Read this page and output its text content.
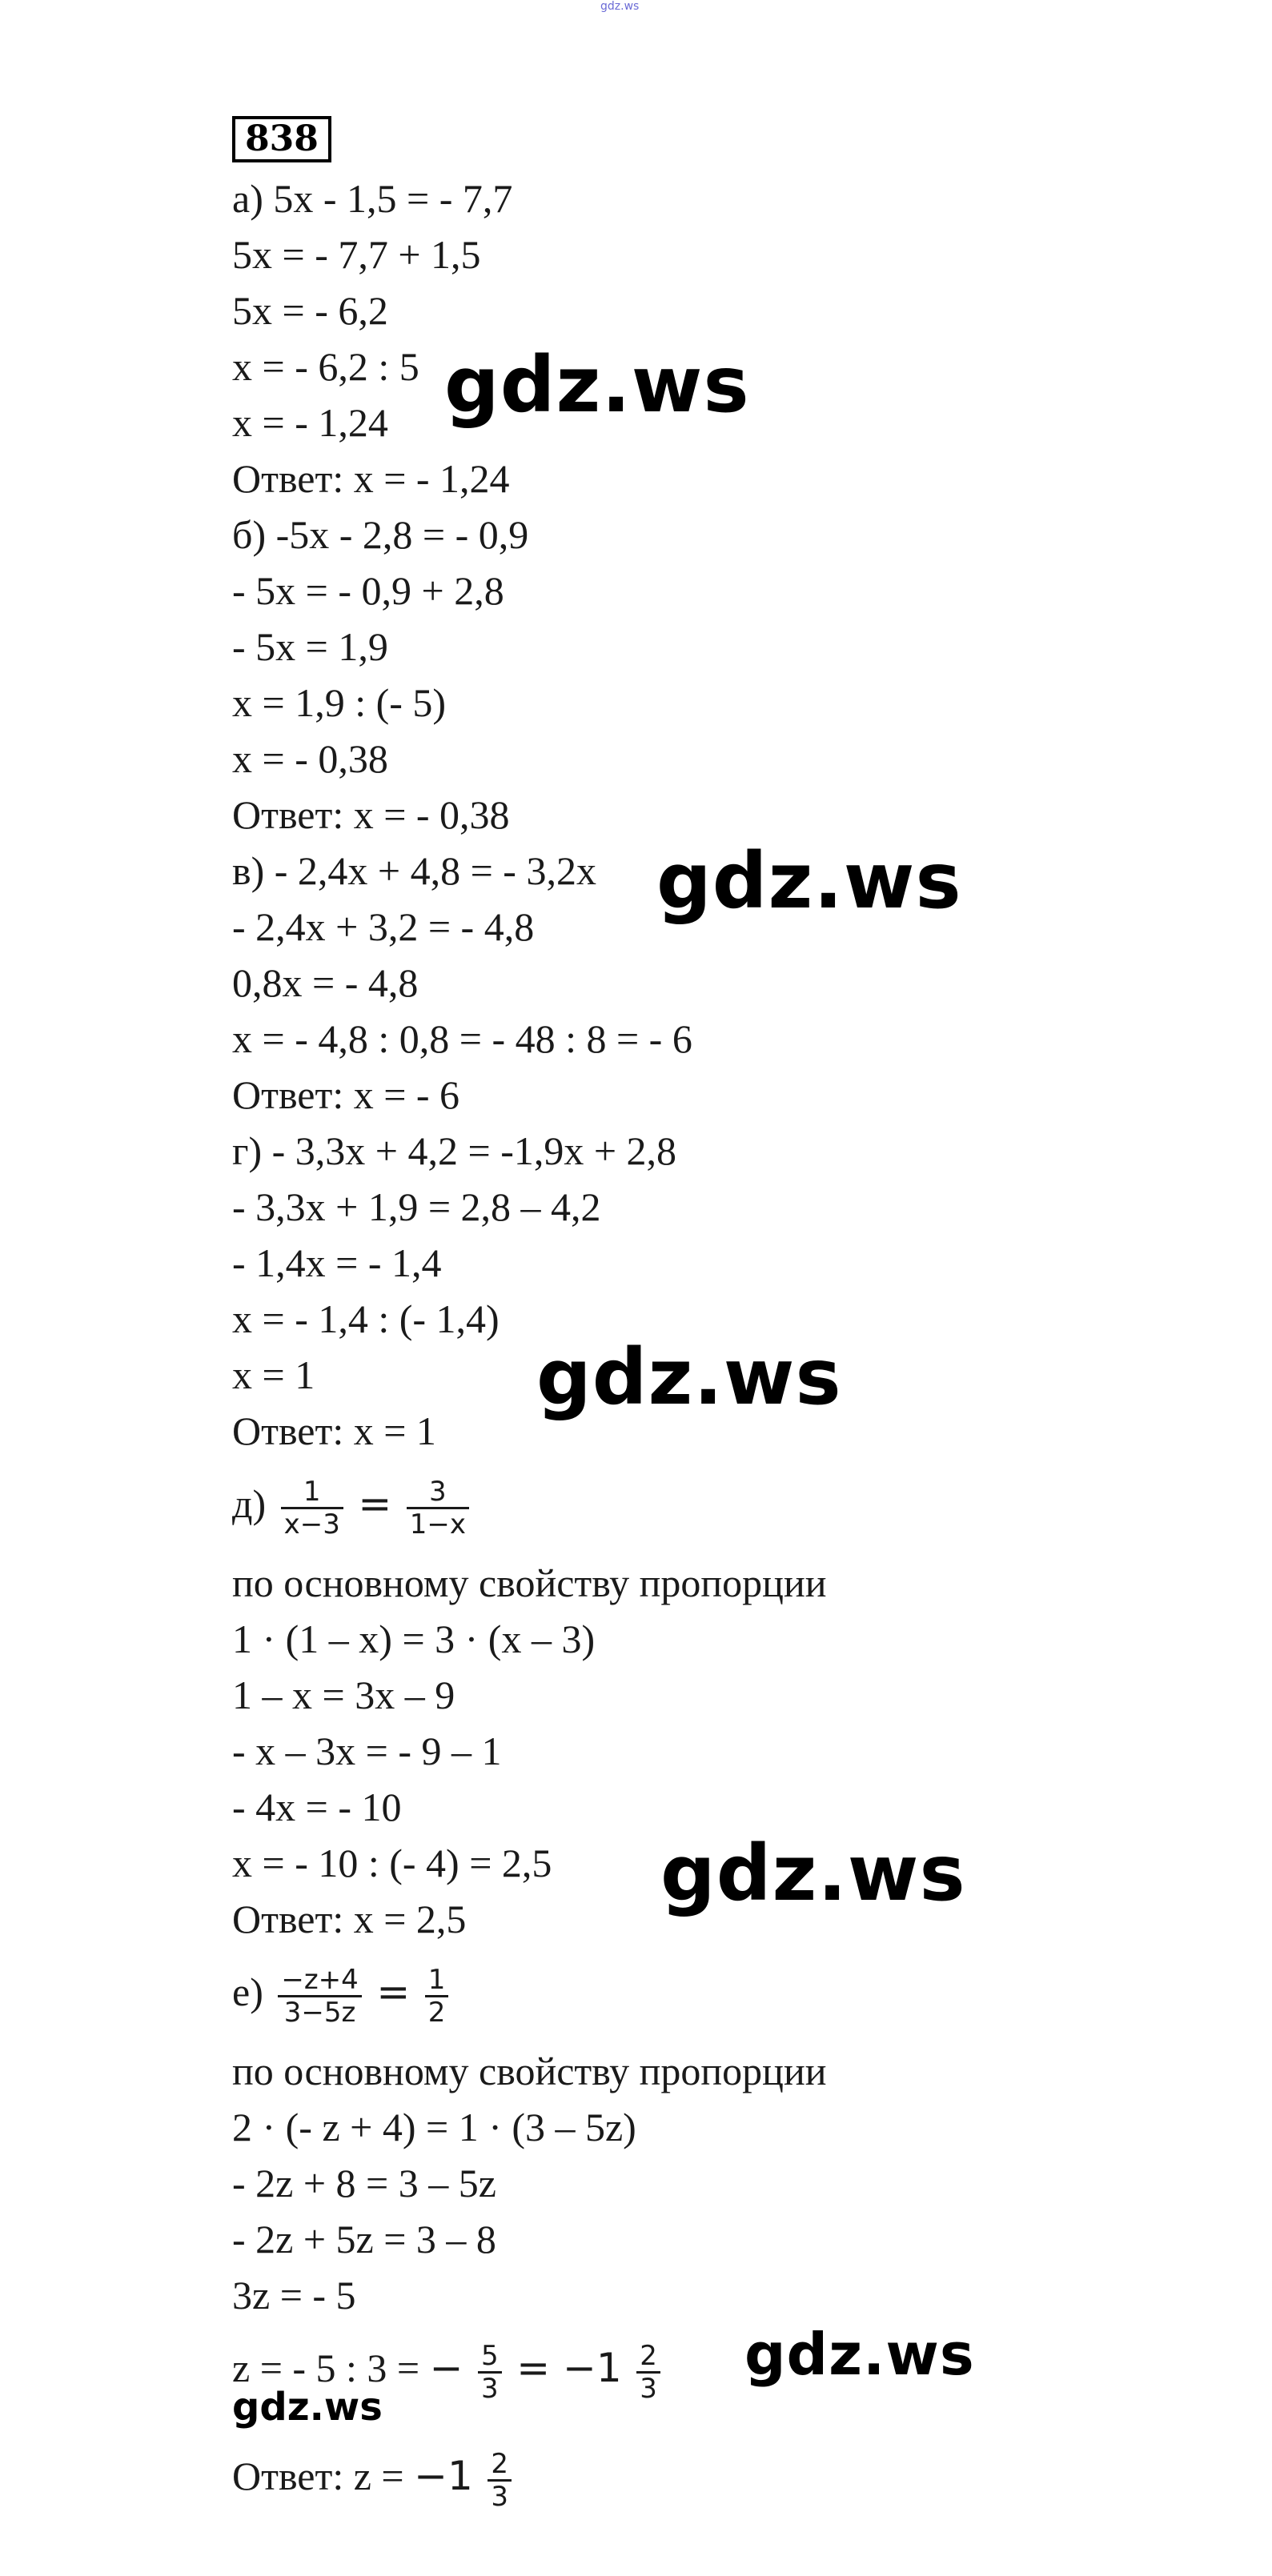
gdz.ws
838
а) 5x - 1,5 = - 7,7
5x = - 7,7 + 1,5
5x = - 6,2
x = - 6,2 : 5
x = - 1,24
Ответ: x = - 1,24
б) -5x - 2,8 = - 0,9
- 5x = - 0,9 + 2,8
- 5x = 1,9
x = 1,9 : (- 5)
x = - 0,38
Ответ: x = - 0,38
в) - 2,4x + 4,8 = - 3,2x
- 2,4x + 3,2 = - 4,8
0,8x = - 4,8
x = - 4,8 : 0,8 = - 48 : 8 = - 6
Ответ: x = - 6
г) - 3,3x + 4,2 = -1,9x + 2,8
- 3,3x + 1,9 = 2,8 – 4,2
- 1,4x = - 1,4
x = - 1,4 : (- 1,4)
x = 1
Ответ: x = 1
$д) \frac{1}{x-3} = \frac{3}{1-x}$
по основному свойству пропорции
1 · (1 – x) = 3 · (x – 3)
1 – x = 3x – 9
- x – 3x = - 9 – 1
- 4x = - 10
x = - 10 : (- 4) = 2,5
Ответ: x = 2,5
$е) \frac{-z+4}{3-5z} = \frac{1}{2}$
по основному свойству пропорции
2 · (- z + 4) = 1 · (3 – 5z)
- 2z + 8 = 3 – 5z
- 2z + 5z = 3 – 8
3z = - 5
z = - 5 : 3 = − $\frac{5}{3} = -1 \frac{2}{3}$
Ответ: $z = -1 \frac{2}{3}$
gdz.ws
gdz.ws
gdz.ws
gdz.ws
gdz.ws
gdz.ws
